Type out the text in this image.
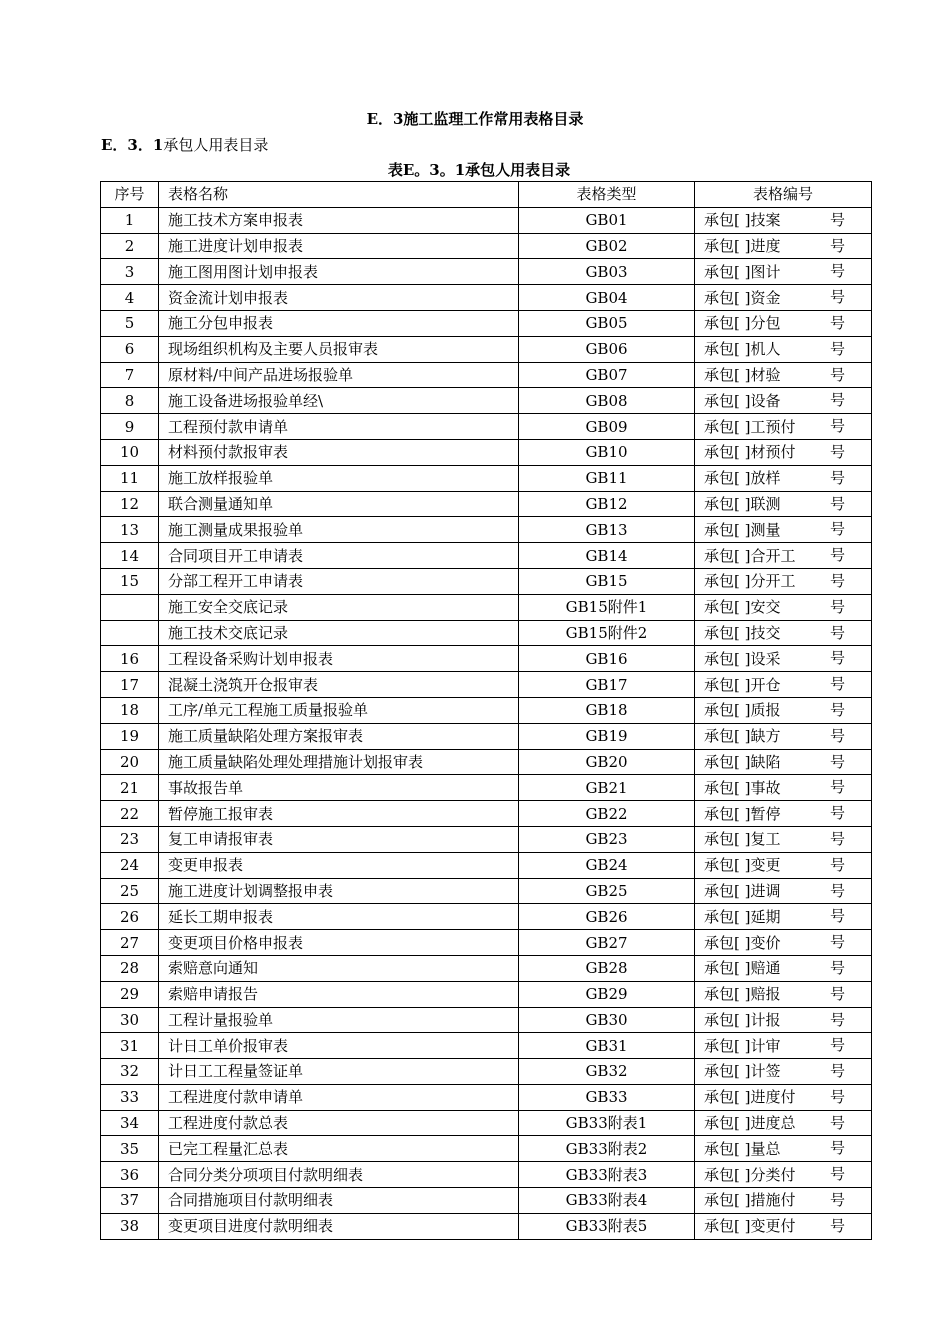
E．3施工监理工作常用表格目录
E．3．1承包人用表目录
表E。3。1承包人用表目录
序号	表格名称	表格类型	表格编号
1	施工技术方案申报表	GB01	承包[ ]技案 号

2	施工进度计划申报表	GB02	承包[ ]进度 号

3	施工图用图计划申报表	GB03	承包[ ]图计 号

4	资金流计划申报表	GB04	承包[ ]资金 号

5	施工分包申报表	GB05	承包[ ]分包 号

6	现场组织机构及主要人员报审表	GB06	承包[ ]机人 号

7	原材料/中间产品进场报验单	GB07	承包[ ]材验 号

8	施工设备进场报验单经\	GB08	承包[ ]设备 号

9	工程预付款申请单	GB09	承包[ ]工预付 号

10	材料预付款报审表	GB10	承包[ ]材预付 号

11	施工放样报验单	GB11	承包[ ]放样 号

12	联合测量通知单	GB12	承包[ ]联测 号

13	施工测量成果报验单	GB13	承包[ ]测量 号

14	合同项目开工申请表	GB14	承包[ ]合开工 号

15	分部工程开工申请表	GB15	承包[ ]分开工 号

	施工安全交底记录	GB15附件1	承包[ ]安交 号

	施工技术交底记录	GB15附件2	承包[ ]技交 号

16	工程设备采购计划申报表	GB16	承包[ ]设采 号

17	混凝土浇筑开仓报审表	GB17	承包[ ]开仓 号

18	工序/单元工程施工质量报验单	GB18	承包[ ]质报 号

19	施工质量缺陷处理方案报审表	GB19	承包[ ]缺方 号

20	施工质量缺陷处理处理措施计划报审表	GB20	承包[ ]缺陷 号

21	事故报告单	GB21	承包[ ]事故 号

22	暂停施工报审表	GB22	承包[ ]暂停 号

23	复工申请报审表	GB23	承包[ ]复工 号

24	变更申报表	GB24	承包[ ]变更 号

25	施工进度计划调整报申表	GB25	承包[ ]进调 号

26	延长工期申报表	GB26	承包[ ]延期 号

27	变更项目价格申报表	GB27	承包[ ]变价 号

28	索赔意向通知	GB28	承包[ ]赔通 号

29	索赔申请报告	GB29	承包[ ]赔报 号

30	工程计量报验单	GB30	承包[ ]计报 号

31	计日工单价报审表	GB31	承包[ ]计审 号

32	计日工工程量签证单	GB32	承包[ ]计签 号

33	工程进度付款申请单	GB33	承包[ ]进度付 号

34	工程进度付款总表	GB33附表1	承包[ ]进度总 号

35	已完工程量汇总表	GB33附表2	承包[ ]量总 号

36	合同分类分项项目付款明细表	GB33附表3	承包[ ]分类付 号

37	合同措施项目付款明细表	GB33附表4	承包[ ]措施付 号

38	变更项目进度付款明细表	GB33附表5	承包[ ]变更付 号
